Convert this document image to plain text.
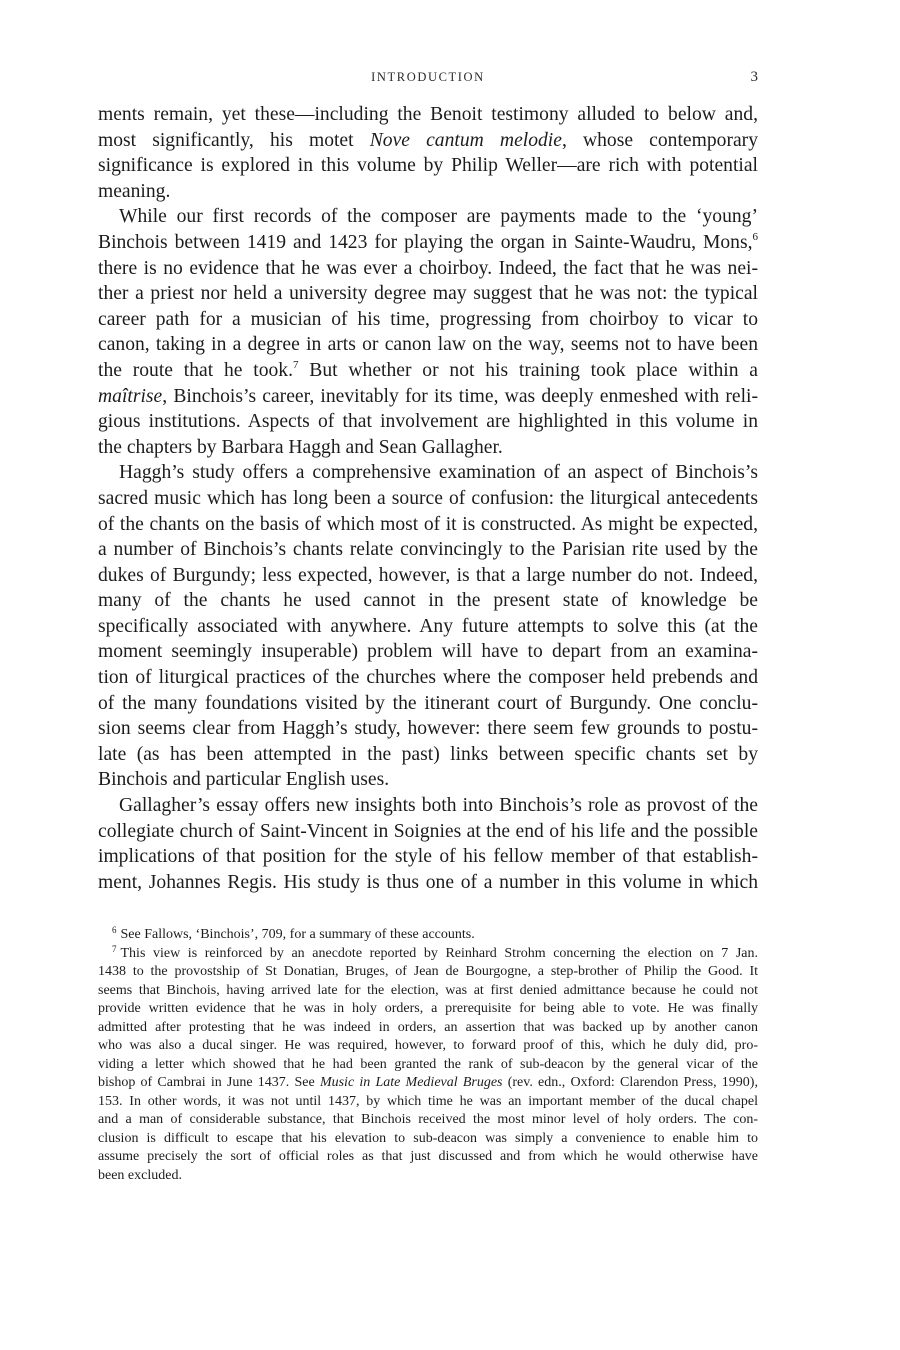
INTRODUCTION	3
ments remain, yet these—including the Benoit testimony alluded to below and,
most significantly, his motet Nove cantum melodie, whose contemporary
significance is explored in this volume by Philip Weller—are rich with potential
meaning.
While our first records of the composer are payments made to the ‘young’
Binchois between 1419 and 1423 for playing the organ in Sainte-Waudru, Mons,$^6$
there is no evidence that he was ever a choirboy. Indeed, the fact that he was nei-
ther a priest nor held a university degree may suggest that he was not: the typical
career path for a musician of his time, progressing from choirboy to vicar to
canon, taking in a degree in arts or canon law on the way, seems not to have been
the route that he took.$^7$ But whether or not his training took place within a
maîtrise, Binchois’s career, inevitably for its time, was deeply enmeshed with reli-
gious institutions. Aspects of that involvement are highlighted in this volume in
the chapters by Barbara Haggh and Sean Gallagher.
Haggh’s study offers a comprehensive examination of an aspect of Binchois’s
sacred music which has long been a source of confusion: the liturgical antecedents
of the chants on the basis of which most of it is constructed. As might be expected,
a number of Binchois’s chants relate convincingly to the Parisian rite used by the
dukes of Burgundy; less expected, however, is that a large number do not. Indeed,
many of the chants he used cannot in the present state of knowledge be
specifically associated with anywhere. Any future attempts to solve this (at the
moment seemingly insuperable) problem will have to depart from an examina-
tion of liturgical practices of the churches where the composer held prebends and
of the many foundations visited by the itinerant court of Burgundy. One conclu-
sion seems clear from Haggh’s study, however: there seem few grounds to postu-
late (as has been attempted in the past) links between specific chants set by
Binchois and particular English uses.
Gallagher’s essay offers new insights both into Binchois’s role as provost of the
collegiate church of Saint-Vincent in Soignies at the end of his life and the possible
implications of that position for the style of his fellow member of that establish-
ment, Johannes Regis. His study is thus one of a number in this volume in which
$^6$ See Fallows, ‘Binchois’, 709, for a summary of these accounts.
$^7$ This view is reinforced by an anecdote reported by Reinhard Strohm concerning the election on 7 Jan.
1438 to the provostship of St Donatian, Bruges, of Jean de Bourgogne, a step-brother of Philip the Good. It
seems that Binchois, having arrived late for the election, was at first denied admittance because he could not
provide written evidence that he was in holy orders, a prerequisite for being able to vote. He was finally
admitted after protesting that he was indeed in orders, an assertion that was backed up by another canon
who was also a ducal singer. He was required, however, to forward proof of this, which he duly did, pro-
viding a letter which showed that he had been granted the rank of sub-deacon by the general vicar of the
bishop of Cambrai in June 1437. See Music in Late Medieval Bruges (rev. edn., Oxford: Clarendon Press, 1990),
153. In other words, it was not until 1437, by which time he was an important member of the ducal chapel
and a man of considerable substance, that Binchois received the most minor level of holy orders. The con-
clusion is difficult to escape that his elevation to sub-deacon was simply a convenience to enable him to
assume precisely the sort of official roles as that just discussed and from which he would otherwise have
been excluded.
